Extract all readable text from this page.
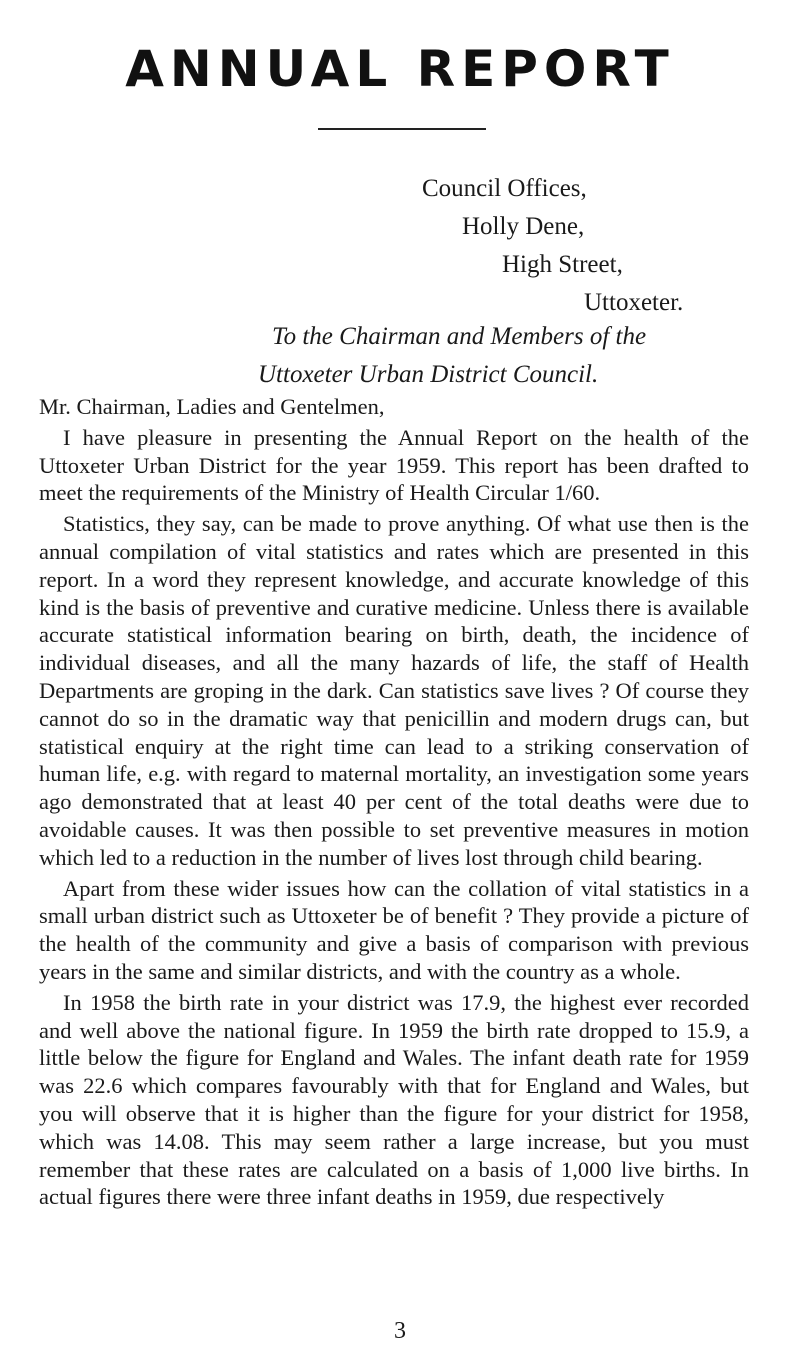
ANNUAL REPORT
Council Offices,
Holly Dene,
High Street,
Uttoxeter.
To the Chairman and Members of the
Uttoxeter Urban District Council.

Mr. Chairman, Ladies and Gentelmen,

I have pleasure in presenting the Annual Report on the health of the Uttoxeter Urban District for the year 1959. This report has been drafted to meet the requirements of the Ministry of Health Circular 1/60.

Statistics, they say, can be made to prove anything. Of what use then is the annual compilation of vital statistics and rates which are presented in this report. In a word they represent knowledge, and accurate knowledge of this kind is the basis of preventive and curative medicine. Unless there is available accurate statistical information bearing on birth, death, the incidence of individual diseases, and all the many hazards of life, the staff of Health Departments are groping in the dark. Can statistics save lives ? Of course they cannot do so in the dramatic way that penicillin and modern drugs can, but statistical enquiry at the right time can lead to a striking conservation of human life, e.g. with regard to maternal mortality, an investigation some years ago demonstrated that at least 40 per cent of the total deaths were due to avoidable causes. It was then possible to set preventive measures in motion which led to a reduction in the number of lives lost through child bearing.

Apart from these wider issues how can the collation of vital statistics in a small urban district such as Uttoxeter be of benefit ? They provide a picture of the health of the community and give a basis of comparison with previous years in the same and similar districts, and with the country as a whole.

In 1958 the birth rate in your district was 17.9, the highest ever recorded and well above the national figure. In 1959 the birth rate dropped to 15.9, a little below the figure for England and Wales. The infant death rate for 1959 was 22.6 which compares favourably with that for England and Wales, but you will observe that it is higher than the figure for your district for 1958, which was 14.08. This may seem rather a large increase, but you must remember that these rates are calculated on a basis of 1,000 live births. In actual figures there were three infant deaths in 1959, due respectively

3
